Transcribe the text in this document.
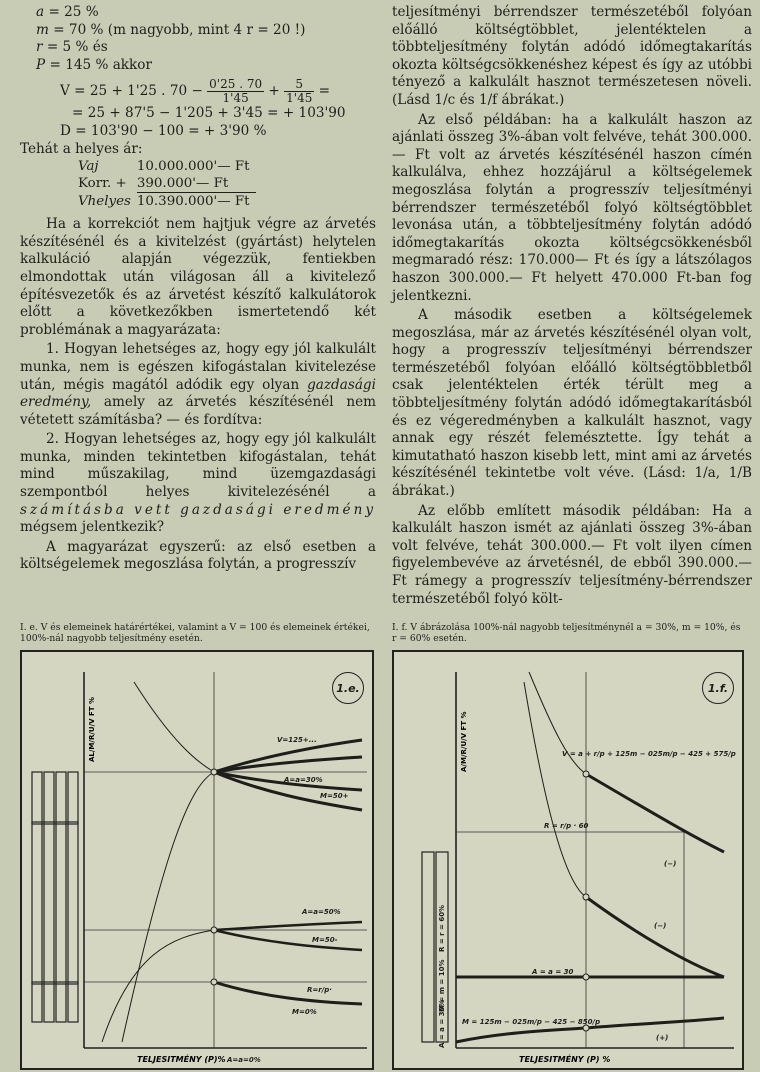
a = 25 %
m = 70 % (m nagyobb, mint 4 r = 20 !)
r = 5 % és
P = 145 % akkor
V = 25 + 1'25 . $70 - \frac{0'25 . 70}{1'45} + \frac{5}{1'45}$ =
= 25 + 87'5 − 1'205 + 3'45 = + 103'90
D = 103'90 − 100 = + 3'90 %
Tehát a helyes ár:
Vaj	10.000.000'— Ft
Korr. +	390.000'— Ft
Vhelyes	10.390.000'— Ft

Ha a korrekciót nem hajtjuk végre az árvetés készítésénél és a kivitelzést (gyártást) helytelen kalkuláció alapján végezzük, fentiekben elmondottak után világosan áll a kivitelező építésvezetők és az árvetést készítő kalkulátorok előtt a következőkben ismertetendő két problémának a magyarázata:

1. Hogyan lehetséges az, hogy egy jól kalkulált munka, nem is egészen kifogástalan kivitelezése után, mégis magától adódik egy olyan gazdasági eredmény, amely az árvetés készítésénél nem vétetett számításba? — és fordítva:

2. Hogyan lehetséges az, hogy egy jól kalkulált munka, minden tekintetben kifogástalan, tehát mind műszakilag, mind üzemgazdasági szempontból helyes kivitelezésénél a számításba vett gazdasági eredmény mégsem jelentkezik?

A magyarázat egyszerű: az első esetben a költségelemek megoszlása folytán, a progresszív

teljesítményi bérrendszer természetéből folyóan előálló költségtöbblet, jelentéktelen a többteljesítmény folytán adódó időmegtakarítás okozta költségcsökkenéshez képest és így az utóbbi tényező a kalkulált hasznot természetesen növeli. (Lásd 1/c és 1/f ábrákat.)

Az első példában: ha a kalkulált haszon az ajánlati összeg 3%-ában volt felvéve, tehát 300.000.— Ft volt az árvetés készítésénél haszon címén kalkulálva, ehhez hozzájárul a költségelemek megoszlása folytán a progresszív teljesítményi bérrendszer természetéből folyó költségtöbblet levonása után, a többteljesítmény folytán adódó időmegtakarítás okozta költségcsökkenésből megmaradó rész: 170.000— Ft és így a látszólagos haszon 300.000.— Ft helyett 470.000 Ft-ban fog jelentkezni.

A második esetben a költségelemek megoszlása, már az árvetés készítésénél olyan volt, hogy a progresszív teljesítményi bérrendszer természetéből folyóan előálló költségtöbbletből csak jelentéktelen érték térült meg a többteljesítmény folytán adódó időmegtakarításból és ez végeredményben a kalkulált hasznot, vagy annak egy részét felemésztette. Így tehát a kimutatható haszon kisebb lett, mint ami az árvetés készítésénél tekintetbe volt véve. (Lásd: 1/a, 1/B ábrákat.)

Az előbb említett második példában: Ha a kalkulált haszon ismét az ajánlati összeg 3%-ában volt felvéve, tehát 300.000.— Ft volt ilyen címen figyelembevéve az árvetésnél, de ebből 390.000.— Ft rámegy a progresszív teljesítmény-bérrendszer természetéből folyó költ-

I. e. V és elemeinek határértékei, valamint a V = 100 és elemeinek értékei, 100%-nál nagyobb teljesítmény esetén.
V=125+...
A=a=30%
M=50+
A=a=50%
M=50-
R=r/p·
M=0%
A=a=0%
TELJESITMÉNY (P)%
AL/M/R/U/V FT %
1.e.
I. f. V ábrázolása 100%-nál nagyobb teljesítménynél a = 30%, m = 10%, és r = 60% esetén.
V = a + r/p + 125m − 025m/p − 425 + 575/p
R = r/p · 60
A = a = 30
M = 125m − 025m/p − 425 − 850/p
(−)
(−)
(+)
R = r = 60%
M = m = 10%
A = a = 30%
TELJESITMÉNY (P) %
A/M/R/U/V FT %
1.f.
